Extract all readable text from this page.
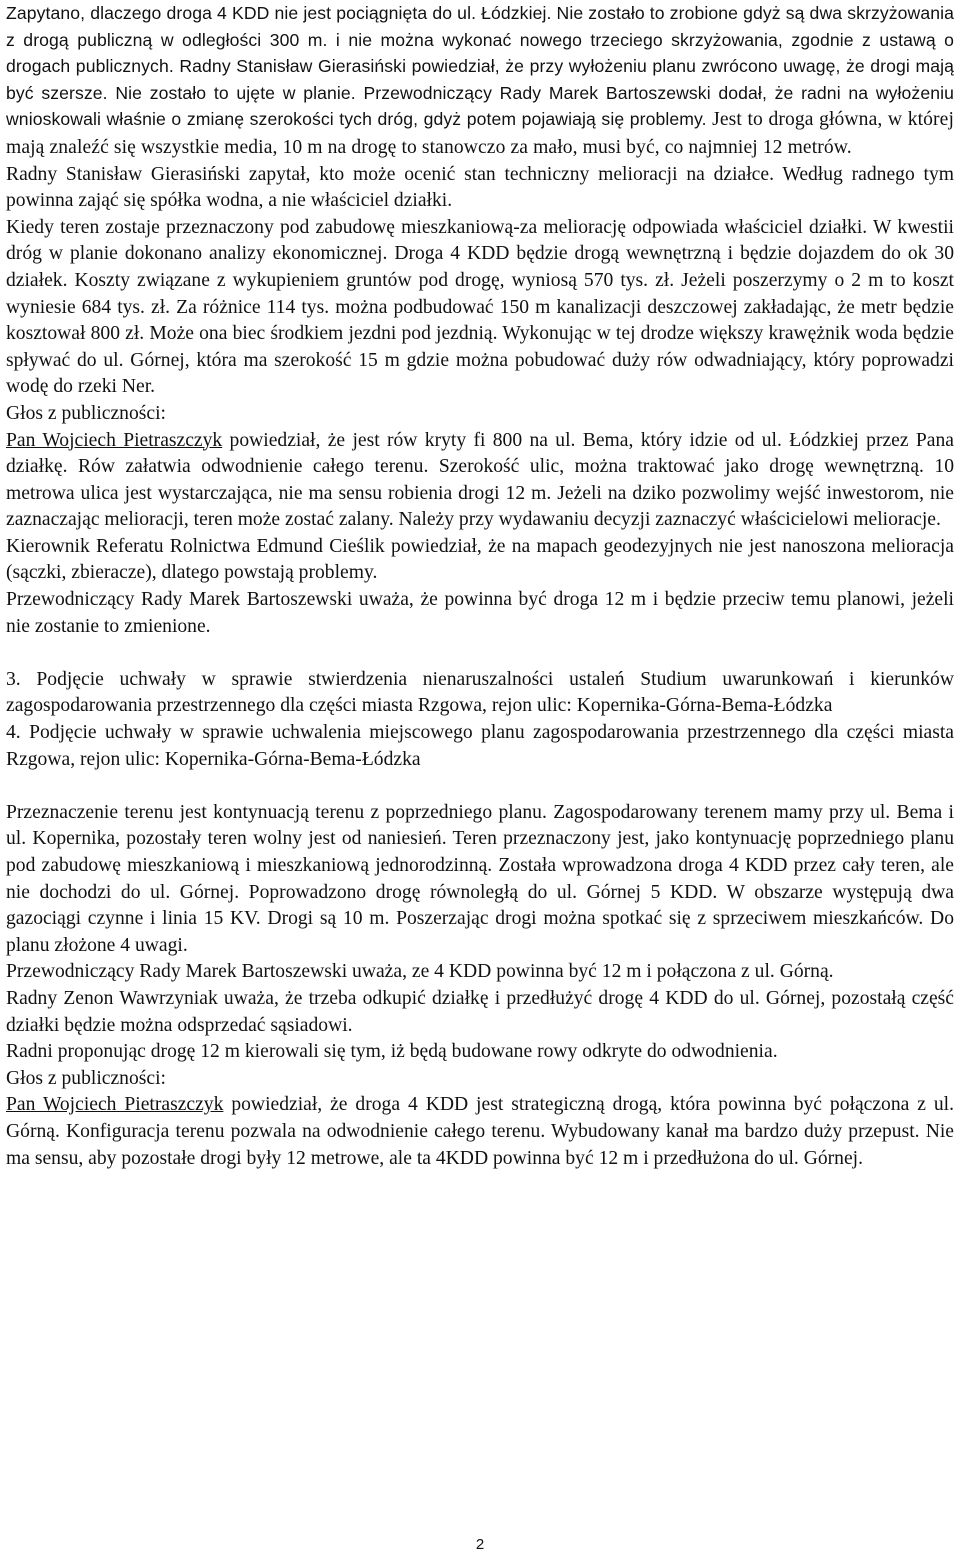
Zapytano, dlaczego droga 4 KDD nie jest pociągnięta do ul. Łódzkiej. Nie zostało to zrobione gdyż są dwa skrzyżowania z drogą publiczną w odległości 300 m. i nie można wykonać nowego trzeciego skrzyżowania, zgodnie z ustawą o drogach publicznych. Radny Stanisław Gierasiński powiedział, że przy wyłożeniu planu zwrócono uwagę, że drogi mają być szersze. Nie zostało to ujęte w planie. Przewodniczący Rady Marek Bartoszewski dodał, że radni na wyłożeniu wnioskowali właśnie o zmianę szerokości tych dróg, gdyż potem pojawiają się problemy. Jest to droga główna, w której mają znaleźć się wszystkie media, 10 m na drogę to stanowczo za mało, musi być, co najmniej 12 metrów.

Radny Stanisław Gierasiński zapytał, kto może ocenić stan techniczny melioracji na działce. Według radnego tym powinna zająć się spółka wodna, a nie właściciel działki.

Kiedy teren zostaje przeznaczony pod zabudowę mieszkaniową-za meliorację odpowiada właściciel działki. W kwestii dróg w planie dokonano analizy ekonomicznej. Droga 4 KDD będzie drogą wewnętrzną i będzie dojazdem do ok 30 działek. Koszty związane z wykupieniem gruntów pod drogę, wyniosą 570 tys. zł. Jeżeli poszerzymy o 2 m to koszt wyniesie 684 tys. zł. Za różnice 114 tys. można podbudować 150 m kanalizacji deszczowej zakładając, że metr będzie kosztował 800 zł. Może ona biec środkiem jezdni pod jezdnią. Wykonując w tej drodze większy krawężnik woda będzie spływać do ul. Górnej, która ma szerokość 15 m gdzie można pobudować duży rów odwadniający, który poprowadzi wodę do rzeki Ner.

Głos z publiczności:

Pan Wojciech Pietraszczyk powiedział, że jest rów kryty fi 800 na ul. Bema, który idzie od ul. Łódzkiej przez Pana działkę. Rów załatwia odwodnienie całego terenu. Szerokość ulic, można traktować jako drogę wewnętrzną. 10 metrowa ulica jest wystarczająca, nie ma sensu robienia drogi 12 m. Jeżeli na dziko pozwolimy wejść inwestorom, nie zaznaczając melioracji, teren może zostać zalany. Należy przy wydawaniu decyzji zaznaczyć właścicielowi melioracje.

Kierownik Referatu Rolnictwa Edmund Cieślik powiedział, że na mapach geodezyjnych nie jest nanoszona melioracja (sączki, zbieracze), dlatego powstają problemy.

Przewodniczący Rady Marek Bartoszewski uważa, że powinna być droga 12 m i będzie przeciw temu planowi, jeżeli nie zostanie to zmienione.

3. Podjęcie uchwały w sprawie stwierdzenia nienaruszalności ustaleń Studium uwarunkowań i kierunków zagospodarowania przestrzennego dla części miasta Rzgowa, rejon ulic: Kopernika-Górna-Bema-Łódzka

4. Podjęcie uchwały w sprawie uchwalenia miejscowego planu zagospodarowania przestrzennego dla części miasta Rzgowa, rejon ulic: Kopernika-Górna-Bema-Łódzka

Przeznaczenie terenu jest kontynuacją terenu z poprzedniego planu. Zagospodarowany terenem mamy przy ul. Bema i ul. Kopernika, pozostały teren wolny jest od naniesień. Teren przeznaczony jest, jako kontynuację poprzedniego planu pod zabudowę mieszkaniową i mieszkaniową jednorodzinną. Została wprowadzona droga 4 KDD przez cały teren, ale nie dochodzi do ul. Górnej. Poprowadzono drogę równoległą do ul. Górnej 5 KDD. W obszarze występują dwa gazociągi czynne i linia 15 KV. Drogi są 10 m. Poszerzając drogi można spotkać się z sprzeciwem mieszkańców. Do planu złożone 4 uwagi.

Przewodniczący Rady Marek Bartoszewski uważa, ze 4 KDD powinna być 12 m i połączona z ul. Górną.

Radny Zenon Wawrzyniak uważa, że trzeba odkupić działkę i przedłużyć drogę 4 KDD do ul. Górnej, pozostałą część działki będzie można odsprzedać sąsiadowi.

Radni proponując drogę 12 m kierowali się tym, iż będą budowane rowy odkryte do odwodnienia.

Głos z publiczności:

Pan Wojciech Pietraszczyk powiedział, że droga 4 KDD jest strategiczną drogą, która powinna być połączona z ul. Górną. Konfiguracja terenu pozwala na odwodnienie całego terenu. Wybudowany kanał ma bardzo duży przepust. Nie ma sensu, aby pozostałe drogi były 12 metrowe, ale ta 4KDD powinna być 12 m i przedłużona do ul. Górnej.

2
